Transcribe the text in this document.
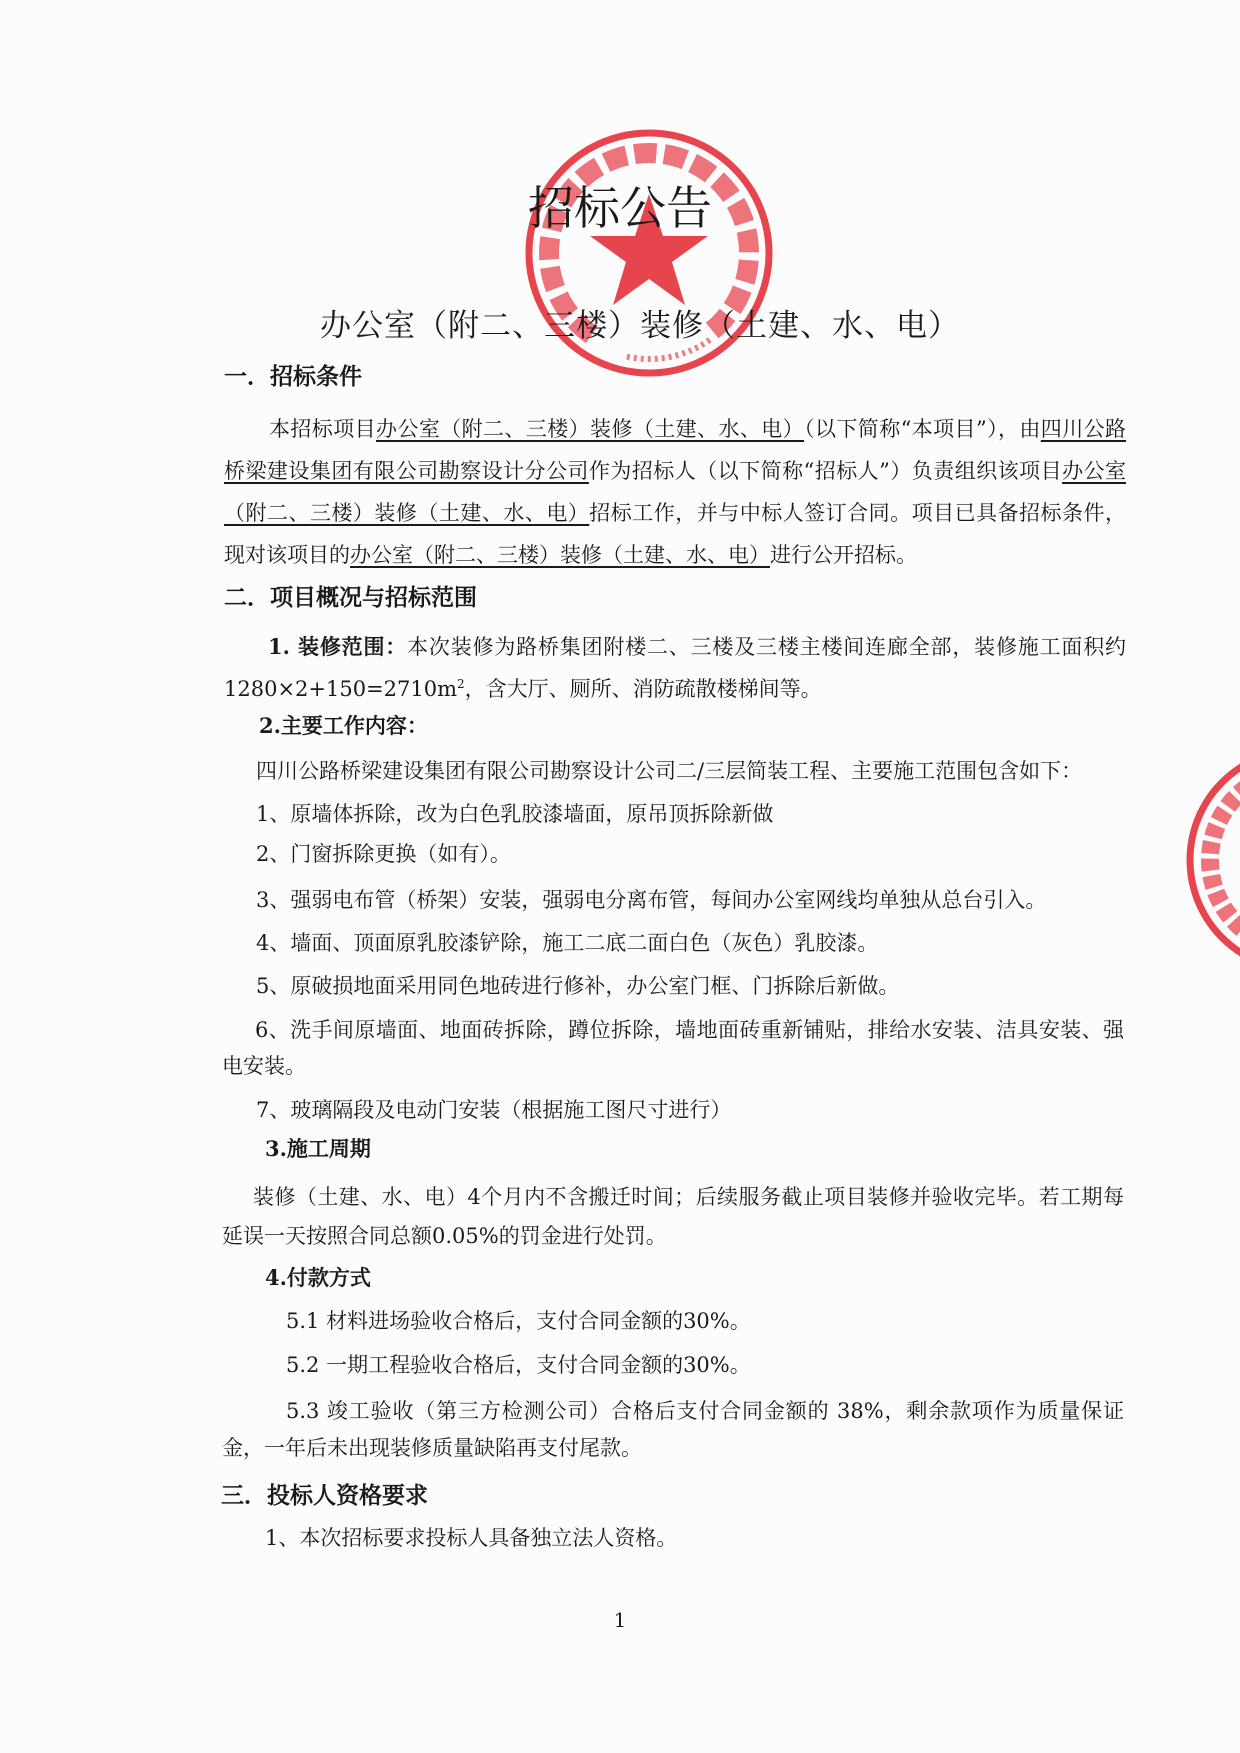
招标公告
办公室（附二、三楼）装修（土建、水、电）
一．招标条件
本招标项目办公室（附二、三楼）装修（土建、水、电）（以下简称“本项目”），由四川公路桥梁建设集团有限公司勘察设计分公司作为招标人（以下简称“招标人”）负责组织该项目办公室（附二、三楼）装修（土建、水、电）招标工作，并与中标人签订合同。项目已具备招标条件，现对该项目的办公室（附二、三楼）装修（土建、水、电）进行公开招标。
二．项目概况与招标范围
1. 装修范围：本次装修为路桥集团附楼二、三楼及三楼主楼间连廊全部，装修施工面积约$1280\times 2+150=2710m^2$，含大厅、厕所、消防疏散楼梯间等。
2.主要工作内容：
四川公路桥梁建设集团有限公司勘察设计公司二/三层简装工程、主要施工范围包含如下：
1、原墙体拆除，改为白色乳胶漆墙面，原吊顶拆除新做
2、门窗拆除更换（如有）。
3、强弱电布管（桥架）安装，强弱电分离布管，每间办公室网线均单独从总台引入。
4、墙面、顶面原乳胶漆铲除，施工二底二面白色（灰色）乳胶漆。
5、原破损地面采用同色地砖进行修补，办公室门框、门拆除后新做。
6、洗手间原墙面、地面砖拆除，蹲位拆除，墙地面砖重新铺贴，排给水安装、洁具安装、强电安装。
7、玻璃隔段及电动门安装（根据施工图尺寸进行）
3.施工周期
装修（土建、水、电）4个月内不含搬迁时间；后续服务截止项目装修并验收完毕。若工期每延误一天按照合同总额0.05%的罚金进行处罚。
4.付款方式
5.1 材料进场验收合格后，支付合同金额的30%。
5.2 一期工程验收合格后，支付合同金额的30%。
5.3 竣工验收（第三方检测公司）合格后支付合同金额的 38%，剩余款项作为质量保证金，一年后未出现装修质量缺陷再支付尾款。
三．投标人资格要求
1、本次招标要求投标人具备独立法人资格。
1
